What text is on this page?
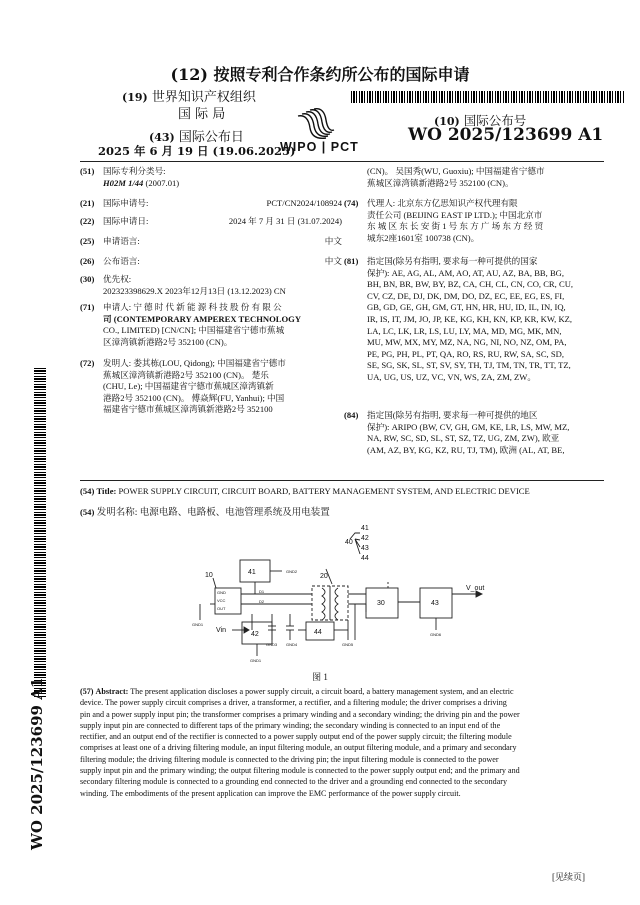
(12) 按照专利合作条约所公布的国际申请
(19) 世界知识产权组织
国 际 局
(43) 国际公布日
2025 年 6 月 19 日 (19.06.2025)
WIPO | PCT
(10) 国际公布号
WO 2025/123699 A1
(51) 国际专利分类号:
H02M 1/44 (2007.01)
(21) 国际申请号:	PCT/CN2024/108924
(22) 国际申请日:	2024 年 7 月 31 日 (31.07.2024)
(25) 申请语言:	中文
(26) 公布语言:	中文
(30) 优先权:
202323398629.X 2023年12月13日 (13.12.2023) CN
(71) 申请人: 宁 德 时 代 新 能 源 科 技 股 份 有 限 公
司 (CONTEMPORARY AMPEREX TECHNOLOGY
CO., LIMITED) [CN/CN]; 中国福建省宁德市蕉城
区漳湾镇新港路2号 352100 (CN)。
(72) 发明人: 娄其栋(LOU, Qidong); 中国福建省宁德市
蕉城区漳湾镇新港路2号 352100 (CN)。 楚乐
(CHU, Le); 中国福建省宁德市蕉城区漳湾镇新
港路2号 352100 (CN)。 傅焱辉(FU, Yanhui); 中国
福建省宁德市蕉城区漳湾镇新港路2号 352100
(CN)。 吴国秀(WU, Guoxiu); 中国福建省宁德市
蕉城区漳湾镇新港路2号 352100 (CN)。
(74) 代理人: 北京东方亿思知识产权代理有限
责任公司 (BEIJING EAST IP LTD.); 中国北京市
东 城 区 东 长 安 街 1 号 东 方 广 场 东 方 经 贸
城东2座1601室 100738 (CN)。
(81) 指定国(除另有指明, 要求每一种可提供的国家
保护): AE, AG, AL, AM, AO, AT, AU, AZ, BA, BB, BG,
BH, BN, BR, BW, BY, BZ, CA, CH, CL, CN, CO, CR, CU,
CV, CZ, DE, DJ, DK, DM, DO, DZ, EC, EE, EG, ES, FI,
GB, GD, GE, GH, GM, GT, HN, HR, HU, ID, IL, IN, IQ,
IR, IS, IT, JM, JO, JP, KE, KG, KH, KN, KP, KR, KW, KZ,
LA, LC, LK, LR, LS, LU, LY, MA, MD, MG, MK, MN,
MU, MW, MX, MY, MZ, NA, NG, NI, NO, NZ, OM, PA,
PE, PG, PH, PL, PT, QA, RO, RS, RU, RW, SA, SC, SD,
SE, SG, SK, SL, ST, SV, SY, TH, TJ, TM, TN, TR, TT, TZ,
UA, UG, US, UZ, VC, VN, WS, ZA, ZM, ZW。
(84) 指定国(除另有指明, 要求每一种可提供的地区
保护): ARIPO (BW, CV, GH, GM, KE, LR, LS, MW, MZ,
NA, RW, SC, SD, SL, ST, SZ, TZ, UG, ZM, ZW), 欧亚
(AM, AZ, BY, KG, KZ, RU, TJ, TM), 欧洲 (AL, AT, BE,
(54) Title: POWER SUPPLY CIRCUIT, CIRCUIT BOARD, BATTERY MANAGEMENT SYSTEM, AND ELECTRIC DEVICE
(54) 发明名称: 电源电路、电路板、电池管理系统及用电装置
40
41
42
43
44
41
10	20
30	43
42	44
Vin
V_out
GND
VCC
OUT
D1
D2
GND2
GND1
GND1
GND3 GND4	GND5
GND6
图 1
(57) Abstract: The present application discloses a power supply circuit, a circuit board, a battery management system, and an electric
device. The power supply circuit comprises a driver, a transformer, a rectifier, and a filtering module; the driver comprises a driving
pin and a power supply input pin; the transformer comprises a primary winding and a secondary winding; the driving pin and the power
supply input pin are connected to different taps of the primary winding; the secondary winding is connected to an input end of the
rectifier, and an output end of the rectifier is connected to a power supply output end of the power supply circuit; the filtering module
comprises at least one of a driving filtering module, an input filtering module, an output filtering module, and a primary and secondary
filtering module; the driving filtering module is connected to the driving pin; the input filtering module is connected to the power
supply input pin and the primary winding; the output filtering module is connected to the power supply output end; and the primary and
secondary filtering module is connected to a grounding end connected to the driver and a grounding end connected to the secondary
winding. The embodiments of the present application can improve the EMC performance of the power supply circuit.
WO 2025/123699 A1
[见续页]
